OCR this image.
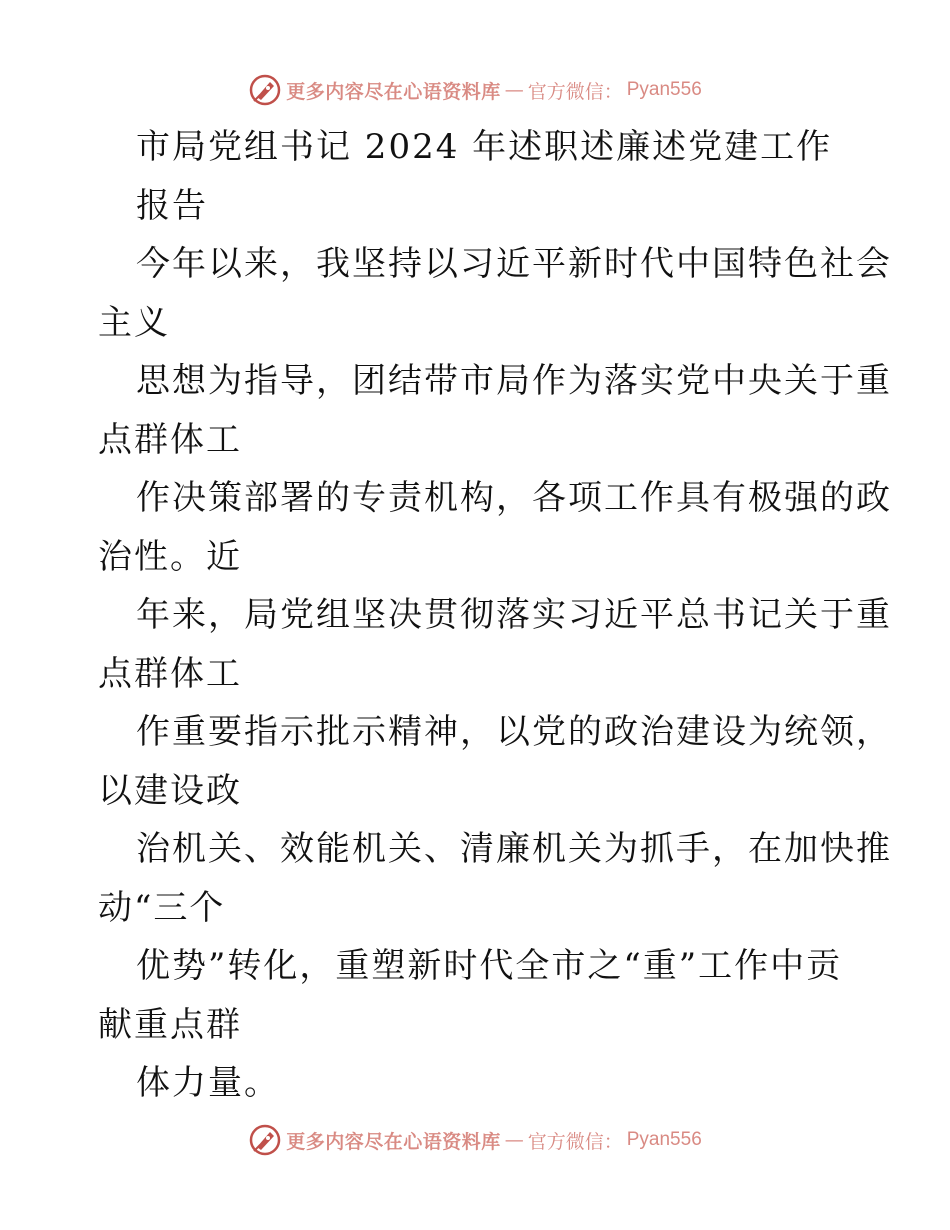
更多内容尽在心语资料库 — 官方微信： Pyan556
市局党组书记 2024 年述职述廉述党建工作
报告
今年以来，我坚持以习近平新时代中国特色社会
主义
思想为指导，团结带市局作为落实党中央关于重
点群体工
作决策部署的专责机构，各项工作具有极强的政
治性。近
年来，局党组坚决贯彻落实习近平总书记关于重
点群体工
作重要指示批示精神，以党的政治建设为统领，
以建设政
治机关、效能机关、清廉机关为抓手，在加快推
动“三个
优势”转化，重塑新时代全市之“重”工作中贡
献重点群
体力量。
更多内容尽在心语资料库 — 官方微信： Pyan556
